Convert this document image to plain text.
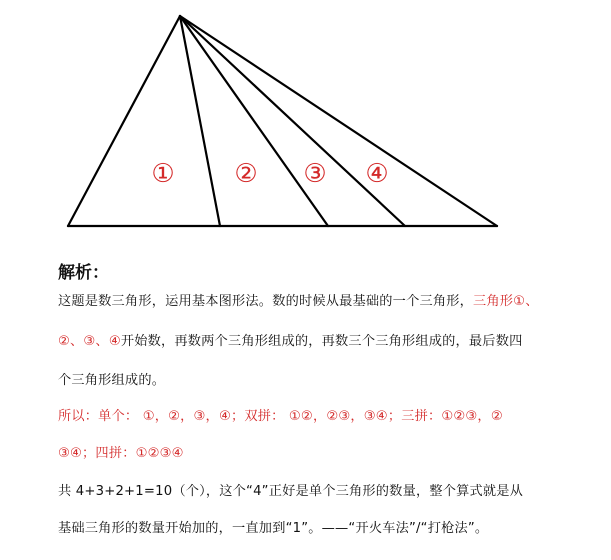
① ② ③ ④
解析：
这题是数三角形，运用基本图形法。数的时候从最基础的一个三角形，三角形①、
②、③、④开始数，再数两个三角形组成的，再数三个三角形组成的，最后数四
个三角形组成的。
所以：单个： ①，②，③，④；双拼： ①②，②③，③④；三拼：①②③，②
③④；四拼：①②③④
共 4+3+2+1=10（个），这个“4”正好是单个三角形的数量，整个算式就是从
基础三角形的数量开始加的，一直加到“1”。——“开火车法”/“打枪法”。
